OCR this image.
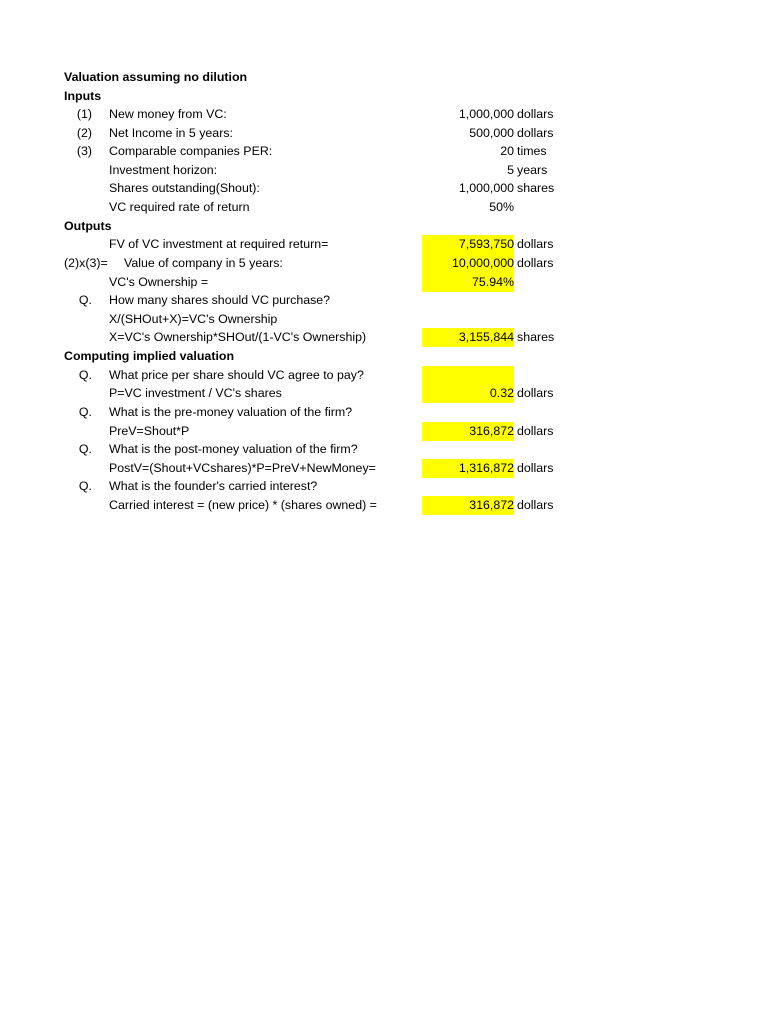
Valuation assuming no dilution
Inputs
(1) New money from VC:	1,000,000 dollars
(2) Net Income in 5 years:	500,000 dollars
(3) Comparable companies PER:	20 times
Investment horizon:	5 years
Shares outstanding(Shout):	1,000,000 shares
VC required rate of return	50%
Outputs
FV of VC investment at required return=	7,593,750 dollars
(2)x(3)= Value of company in 5 years:	10,000,000 dollars
VC's Ownership =	75.94%
Q. How many shares should VC purchase?
X/(SHOut+X)=VC's Ownership
X=VC's Ownership*SHOut/(1-VC's Ownership)	3,155,844 shares
Computing implied valuation
Q. What price per share should VC agree to pay?
P=VC investment / VC's shares	0.32 dollars
Q. What is the pre-money valuation of the firm?
PreV=Shout*P	316,872 dollars
Q. What is the post-money valuation of the firm?
PostV=(Shout+VCshares)*P=PreV+NewMoney=	1,316,872 dollars
Q. What is the founder's carried interest?
Carried interest = (new price) * (shares owned) =	316,872 dollars
